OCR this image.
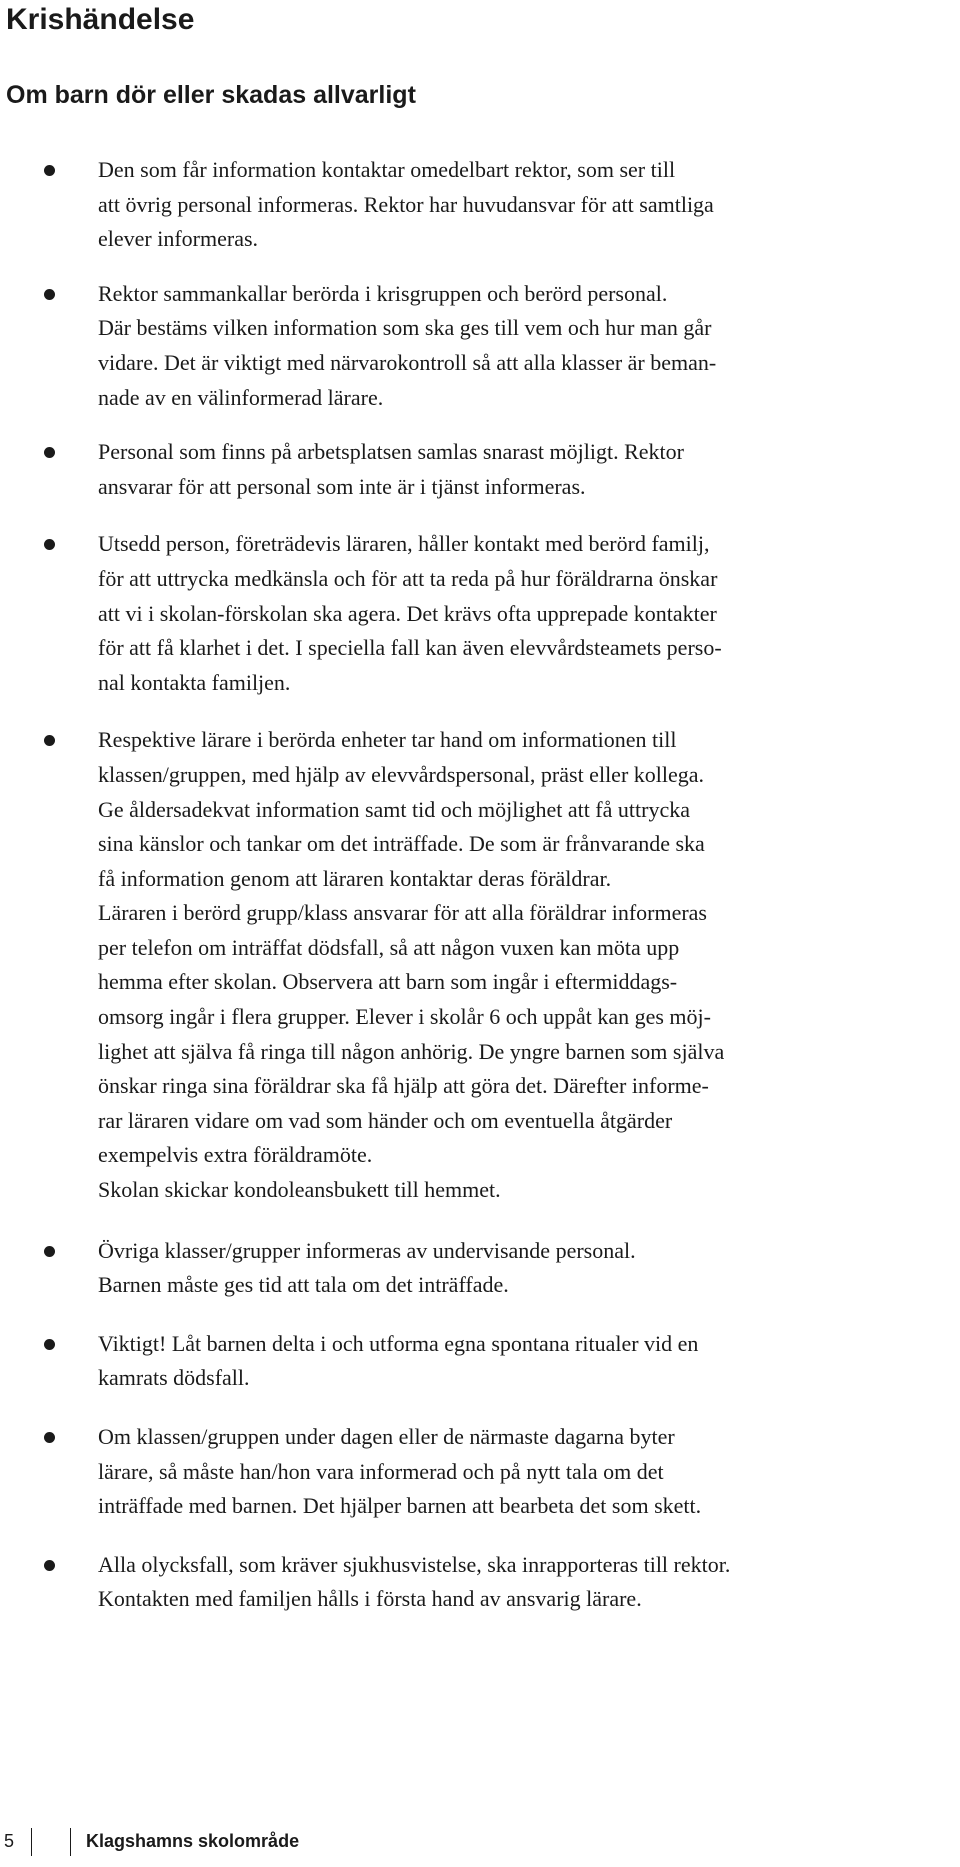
Krishändelse
Om barn dör eller skadas allvarligt
Den som får information kontaktar omedelbart rektor, som ser till
att övrig personal informeras. Rektor har huvudansvar för att samtliga
elever informeras.
Rektor sammankallar berörda i krisgruppen och berörd personal.
Där bestäms vilken information som ska ges till vem och hur man går
vidare. Det är viktigt med närvarokontroll så att alla klasser är beman-
nade av en välinformerad lärare.
Personal som finns på arbetsplatsen samlas snarast möjligt. Rektor
ansvarar för att personal som inte är i tjänst informeras.
Utsedd person, företrädevis läraren, håller kontakt med berörd familj,
för att uttrycka medkänsla och för att ta reda på hur föräldrarna önskar
att vi i skolan-förskolan ska agera. Det krävs ofta upprepade kontakter
för att få klarhet i det. I speciella fall kan även elevvårdsteamets perso-
nal kontakta familjen.
Respektive lärare i berörda enheter tar hand om informationen till
klassen/gruppen, med hjälp av elevvårdspersonal, präst eller kollega.
Ge åldersadekvat information samt tid och möjlighet att få uttrycka
sina känslor och tankar om det inträffade. De som är frånvarande ska
få information genom att läraren kontaktar deras föräldrar.
Läraren i berörd grupp/klass ansvarar för att alla föräldrar informeras
per telefon om inträffat dödsfall, så att någon vuxen kan möta upp
hemma efter skolan. Observera att barn som ingår i eftermiddags-
omsorg ingår i flera grupper. Elever i skolår 6 och uppåt kan ges möj-
lighet att själva få ringa till någon anhörig. De yngre barnen som själva
önskar ringa sina föräldrar ska få hjälp att göra det. Därefter informe-
rar läraren vidare om vad som händer och om eventuella åtgärder
exempelvis extra föräldramöte.
Skolan skickar kondoleansbukett till hemmet.
Övriga klasser/grupper informeras av undervisande personal.
Barnen måste ges tid att tala om det inträffade.
Viktigt! Låt barnen delta i och utforma egna spontana ritualer vid en
kamrats dödsfall.
Om klassen/gruppen under dagen eller de närmaste dagarna byter
lärare, så måste han/hon vara informerad och på nytt tala om det
inträffade med barnen. Det hjälper barnen att bearbeta det som skett.
Alla olycksfall, som kräver sjukhusvistelse, ska inrapporteras till rektor.
Kontakten med familjen hålls i första hand av ansvarig lärare.
5	Klagshamns skolområde
